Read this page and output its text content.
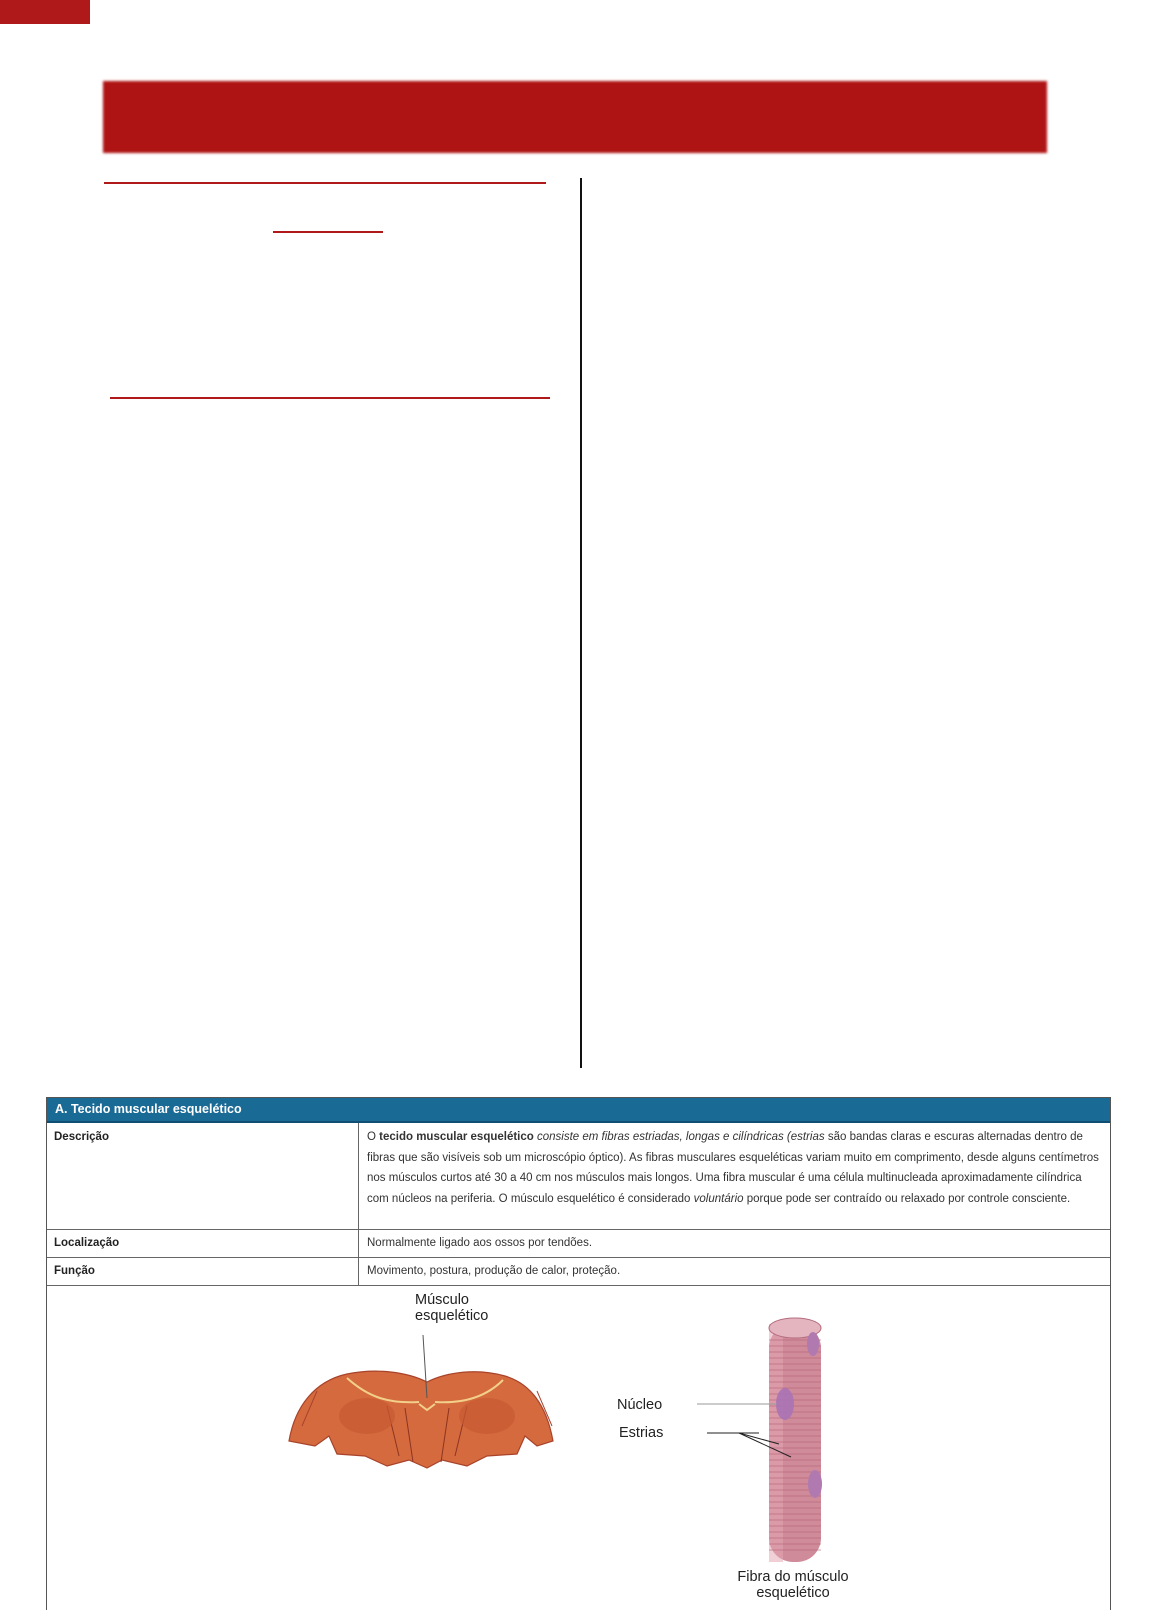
A. Tecido muscular esquelético
Descrição	O tecido muscular esquelético consiste em fibras estriadas, longas e cilíndricas (estrias são bandas claras e escuras alternadas dentro de fibras que são visíveis sob um microscópio óptico). As fibras musculares esqueléticas variam muito em comprimento, desde alguns centímetros nos músculos curtos até 30 a 40 cm nos músculos mais longos. Uma fibra muscular é uma célula multinucleada aproximadamente cilíndrica com núcleos na periferia. O músculo esquelético é considerado voluntário porque pode ser contraído ou relaxado por controle consciente.
Localização	Normalmente ligado aos ossos por tendões.
Função	Movimento, postura, produção de calor, proteção.
Músculo
esquelético
Núcleo
Estrias
Fibra do músculo
esquelético
